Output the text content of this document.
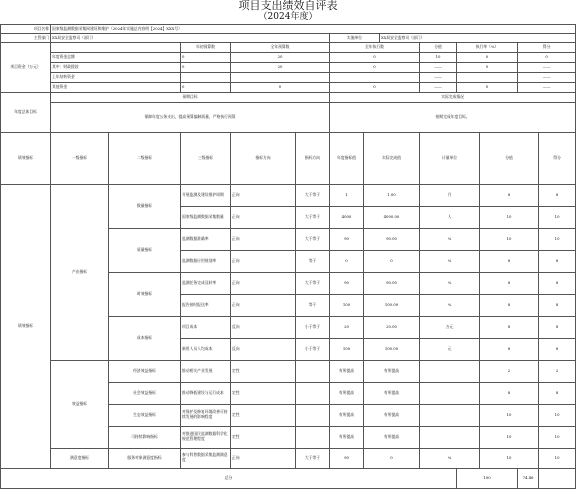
项目支出绩效自评表
（2024年度）
项目名称	国家级监测数据采集网建设和维护（2024年实施总内容明【2024】XXX号）													
主管部门	XX局安全监察司（部门）					实施单位		XX局安全监察司（部门）						
项目资金（万元）			年初预算数	全年预算数		全年执行数			分值	执行率（%）		得分		
	年度资金总额		0	20		0			10	0		0		
	其中：财政拨款		0	20		0			——	0		——		
	上年结转资金								——			——		
	其他资金		0	0		0			——	0		——		
年度总体目标	预期目标					实际完成情况								
	保障年度公务支出，提高预算编制质量，严格执行预算					按期完成年度目标。								
绩效指标	一级指标	二级指标	三级指标	指标方向	指标方向	年度指标值	实际完成值		计量单位		分值		得分	
绩效指标	产出指标	数量指标	开展监测及建设维护周期	正向	大于等于	1	1.00		月		8		8	
			国家级监测数据采集数量	正向	大于等于	4000	4000.00		人		10		10	
		质量指标	监测数据准确率	正向	大于等于	90	90.00		%		10		10	
			监测数据应用规划率	正向	等于	0	0		%		8		8	
		时效指标	监测任务完成及时率	正向	大于等于	90	90.00		%		8		8	
			报告按时报送率	正向	等于	100	100.00		%		8		8	
		成本指标	项目成本	反向	小于等于	20	20.00		万元		8		8	
			新用人员人均成本	反向	小于等于	100	100.00		元		8		8	
	效益指标	经济效益指标	推动相关产业发展	定性		有所提高	有所提高				2		2	
		社会效益指标	推动降低建设与运行成本	定性		有所提高	有所提高				8		8	
		生态效益指标	对保护及修复环境改善可持续发展的影响程度	定性		有所提高	有所提高				10		10	
		可持续影响指标	对推进国民监测数据科学化规范管理程度	定性		有所提高	有所提高				10		10	
	满意度指标	服务对象满意度指标	参与科普数据采集监测满意度	正向	大于等于	90	0		%		10		10	
总分										100		74.46		
